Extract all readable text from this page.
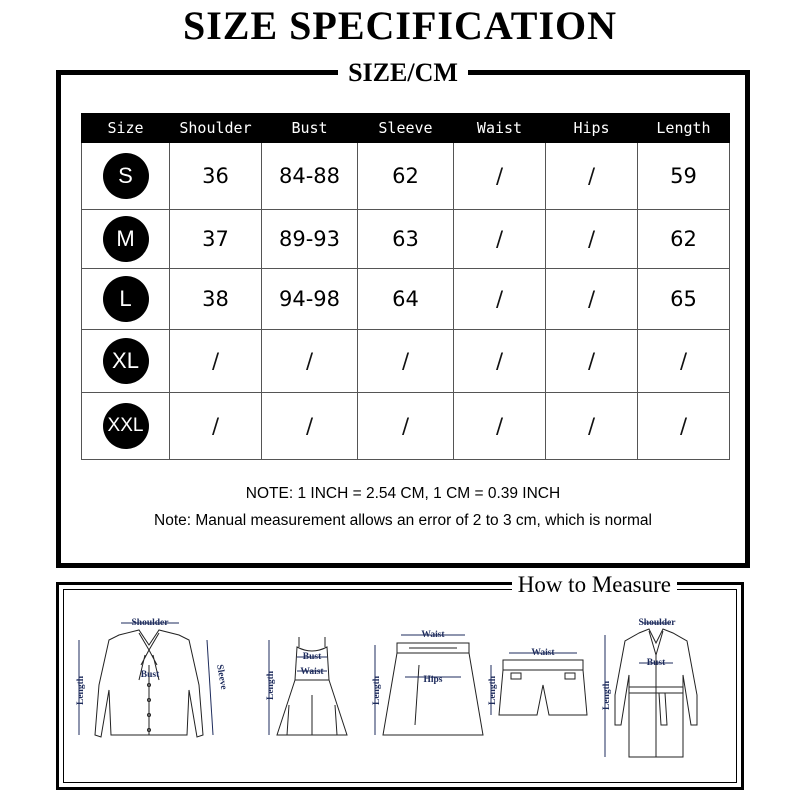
SIZE SPECIFICATION
SIZE/CM
Size	Shoulder	Bust	Sleeve	Waist	Hips	Length
S	36	84-88	62	/	/	59
M	37	89-93	63	/	/	62
L	38	94-98	64	/	/	65
XL	/	/	/	/	/	/
XXL	/	/	/	/	/	/
NOTE: 1 INCH = 2.54 CM, 1 CM = 0.39 INCH
Note: Manual measurement allows an error of 2 to 3 cm, which is normal
How to Measure
Shoulder
Bust	Sleeve
Length
Bust
Waist
Length
Waist
Hips
Length
Waist
Length
Shoulder
Bust
Length
